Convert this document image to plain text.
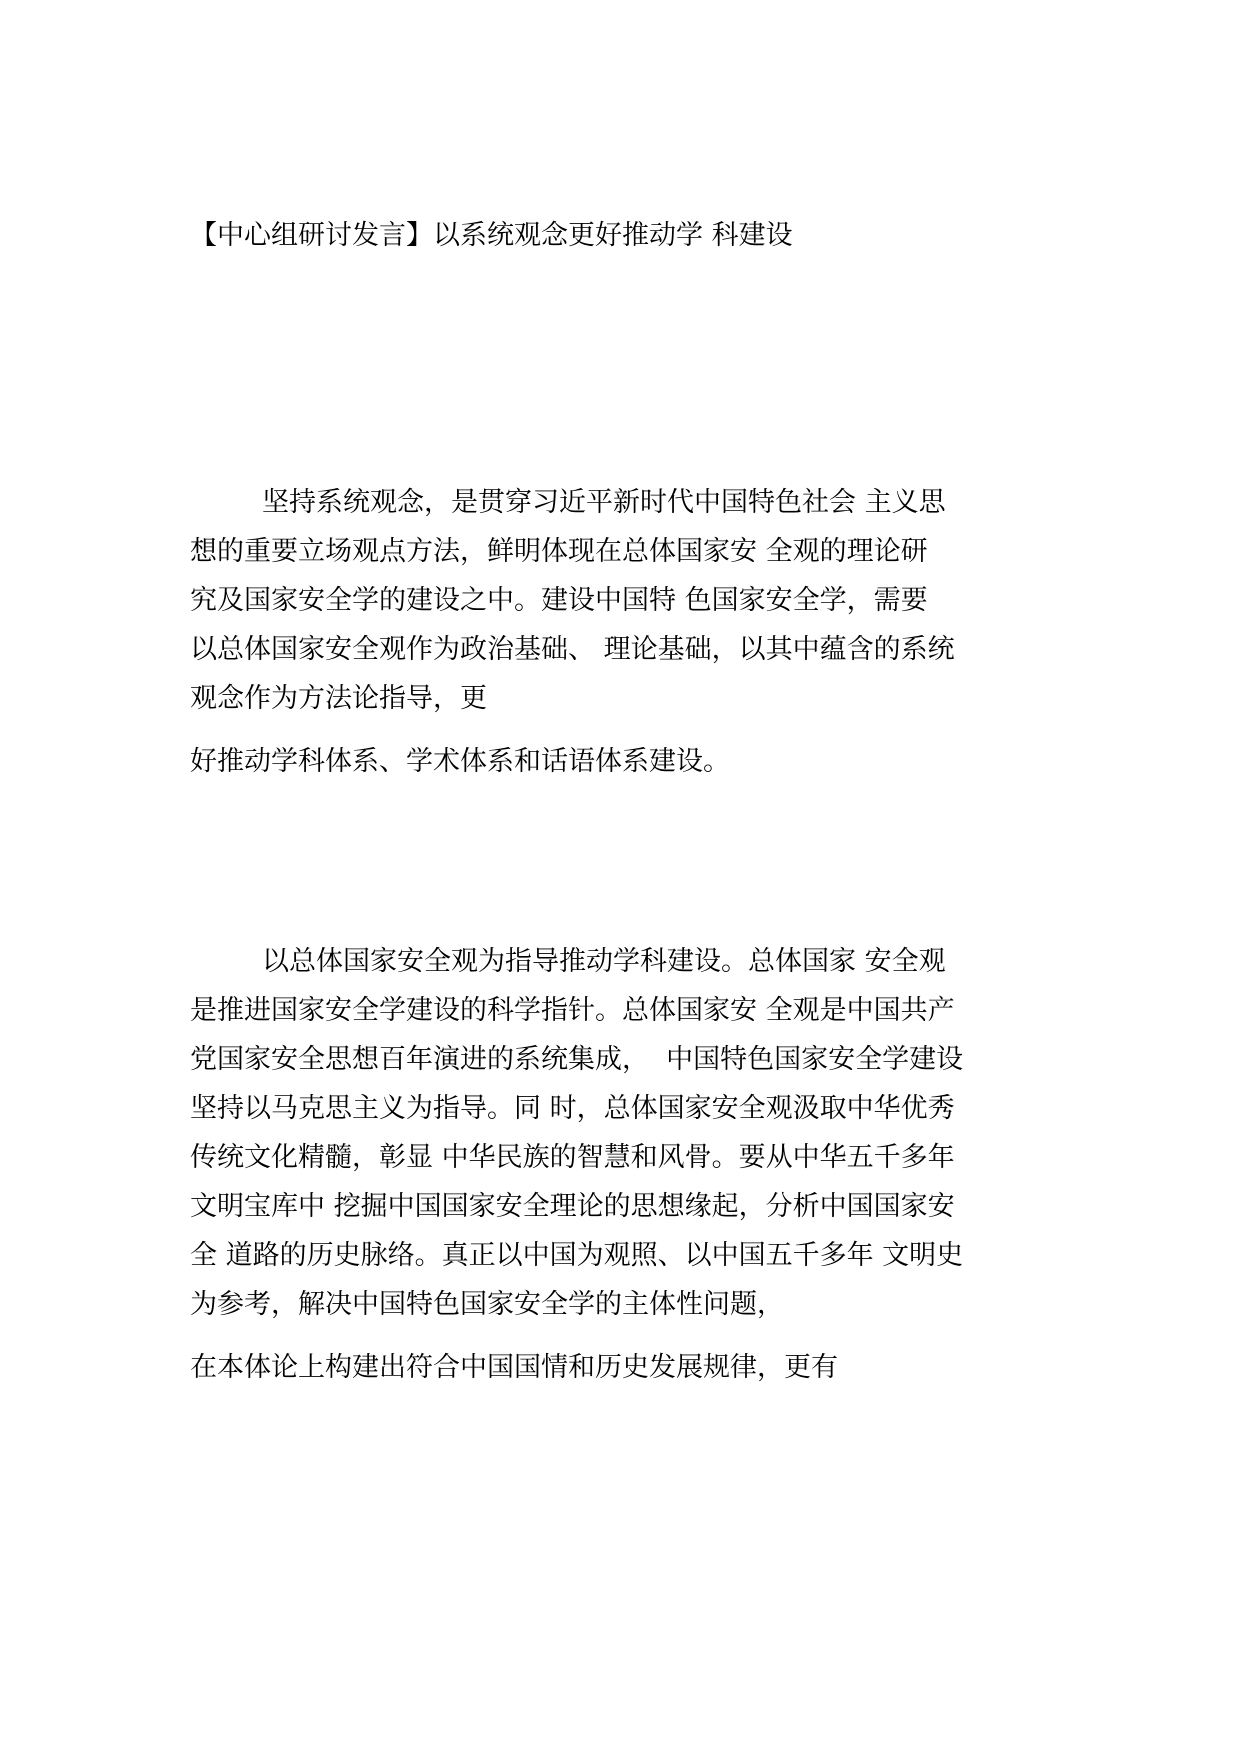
【中心组研讨发言】以系统观念更好推动学 科建设

坚持系统观念，是贯穿习近平新时代中国特色社会 主义思

想的重要立场观点方法，鲜明体现在总体国家安 全观的理论研

究及国家安全学的建设之中。建设中国特 色国家安全学，需要

以总体国家安全观作为政治基础、 理论基础，以其中蕴含的系统

观念作为方法论指导，更

好推动学科体系、学术体系和话语体系建设。

以总体国家安全观为指导推动学科建设。总体国家 安全观

是推进国家安全学建设的科学指针。总体国家安 全观是中国共产

党国家安全思想百年演进的系统集成，  中国特色国家安全学建设

坚持以马克思主义为指导。同 时，总体国家安全观汲取中华优秀

传统文化精髓，彰显 中华民族的智慧和风骨。要从中华五千多年

文明宝库中 挖掘中国国家安全理论的思想缘起，分析中国国家安

全 道路的历史脉络。真正以中国为观照、以中国五千多年 文明史

为参考，解决中国特色国家安全学的主体性问题，

在本体论上构建出符合中国国情和历史发展规律，更有
